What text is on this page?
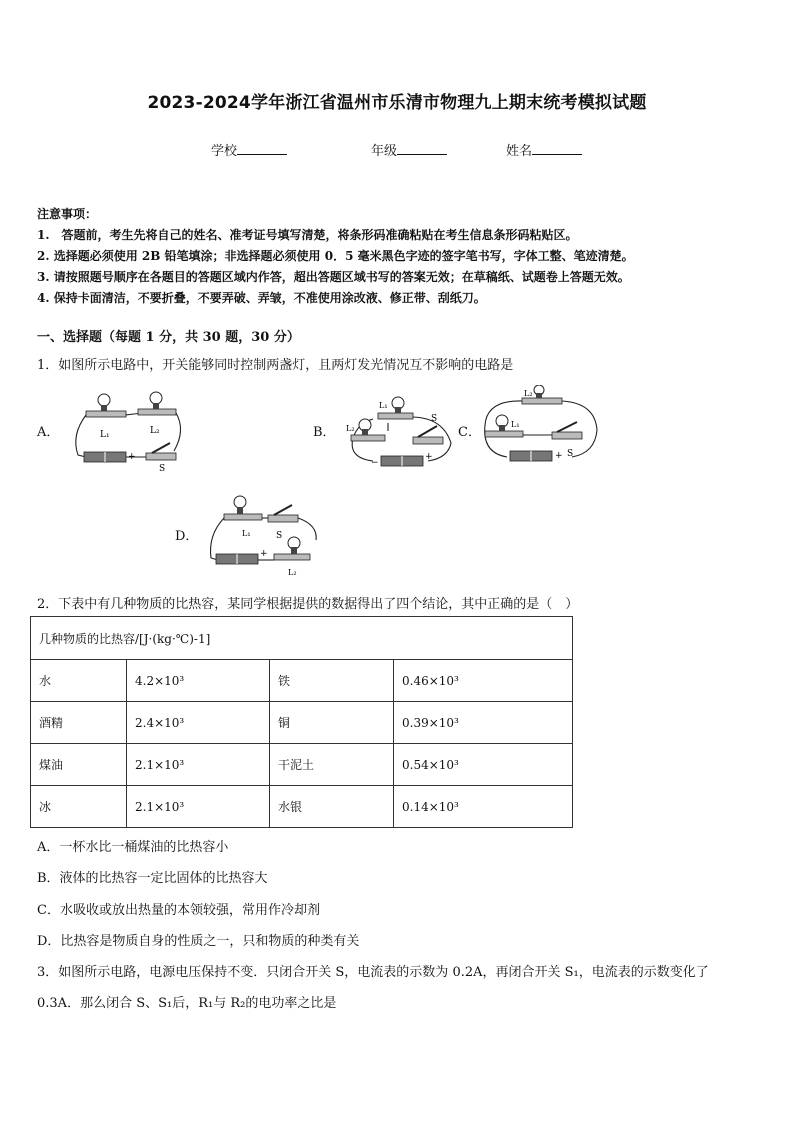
2023-2024学年浙江省温州市乐清市物理九上期末统考模拟试题
学校	年级	姓名
注意事项：
1.　答题前，考生先将自己的姓名、准考证号填写清楚，将条形码准确粘贴在考生信息条形码粘贴区。
2. 选择题必须使用 2B 铅笔填涂；非选择题必须使用 0．5 毫米黑色字迹的签字笔书写，字体工整、笔迹清楚。
3. 请按照题号顺序在各题目的答题区域内作答，超出答题区域书写的答案无效；在草稿纸、试题卷上答题无效。
4. 保持卡面清洁，不要折叠，不要弄破、弄皱，不准使用涂改液、修正带、刮纸刀。
一、选择题（每题 1 分，共 30 题，30 分）
1．如图所示电路中，开关能够同时控制两盏灯，且两灯发光情况互不影响的电路是
A．	B．	C．
D．
L₁	L₂
+
S
L₁
L₂
S
−
+
L₂
L₁
S
+
L₁	S
L₂
+
2．下表中有几种物质的比热容，某同学根据提供的数据得出了四个结论，其中正确的是（　）
几种物质的比热容/[J·(kg·℃)-1]			
水	4.2×10³	铁	0.46×10³
酒精	2.4×10³	铜	0.39×10³
煤油	2.1×10³	干泥土	0.54×10³
冰	2.1×10³	水银	0.14×10³
A．一杯水比一桶煤油的比热容小
B．液体的比热容一定比固体的比热容大
C．水吸收或放出热量的本领较强，常用作冷却剂
D．比热容是物质自身的性质之一，只和物质的种类有关
3．如图所示电路，电源电压保持不变．只闭合开关 S，电流表的示数为 0.2A，再闭合开关 S₁，电流表的示数变化了
0.3A．那么闭合 S、S₁后，R₁与 R₂的电功率之比是
